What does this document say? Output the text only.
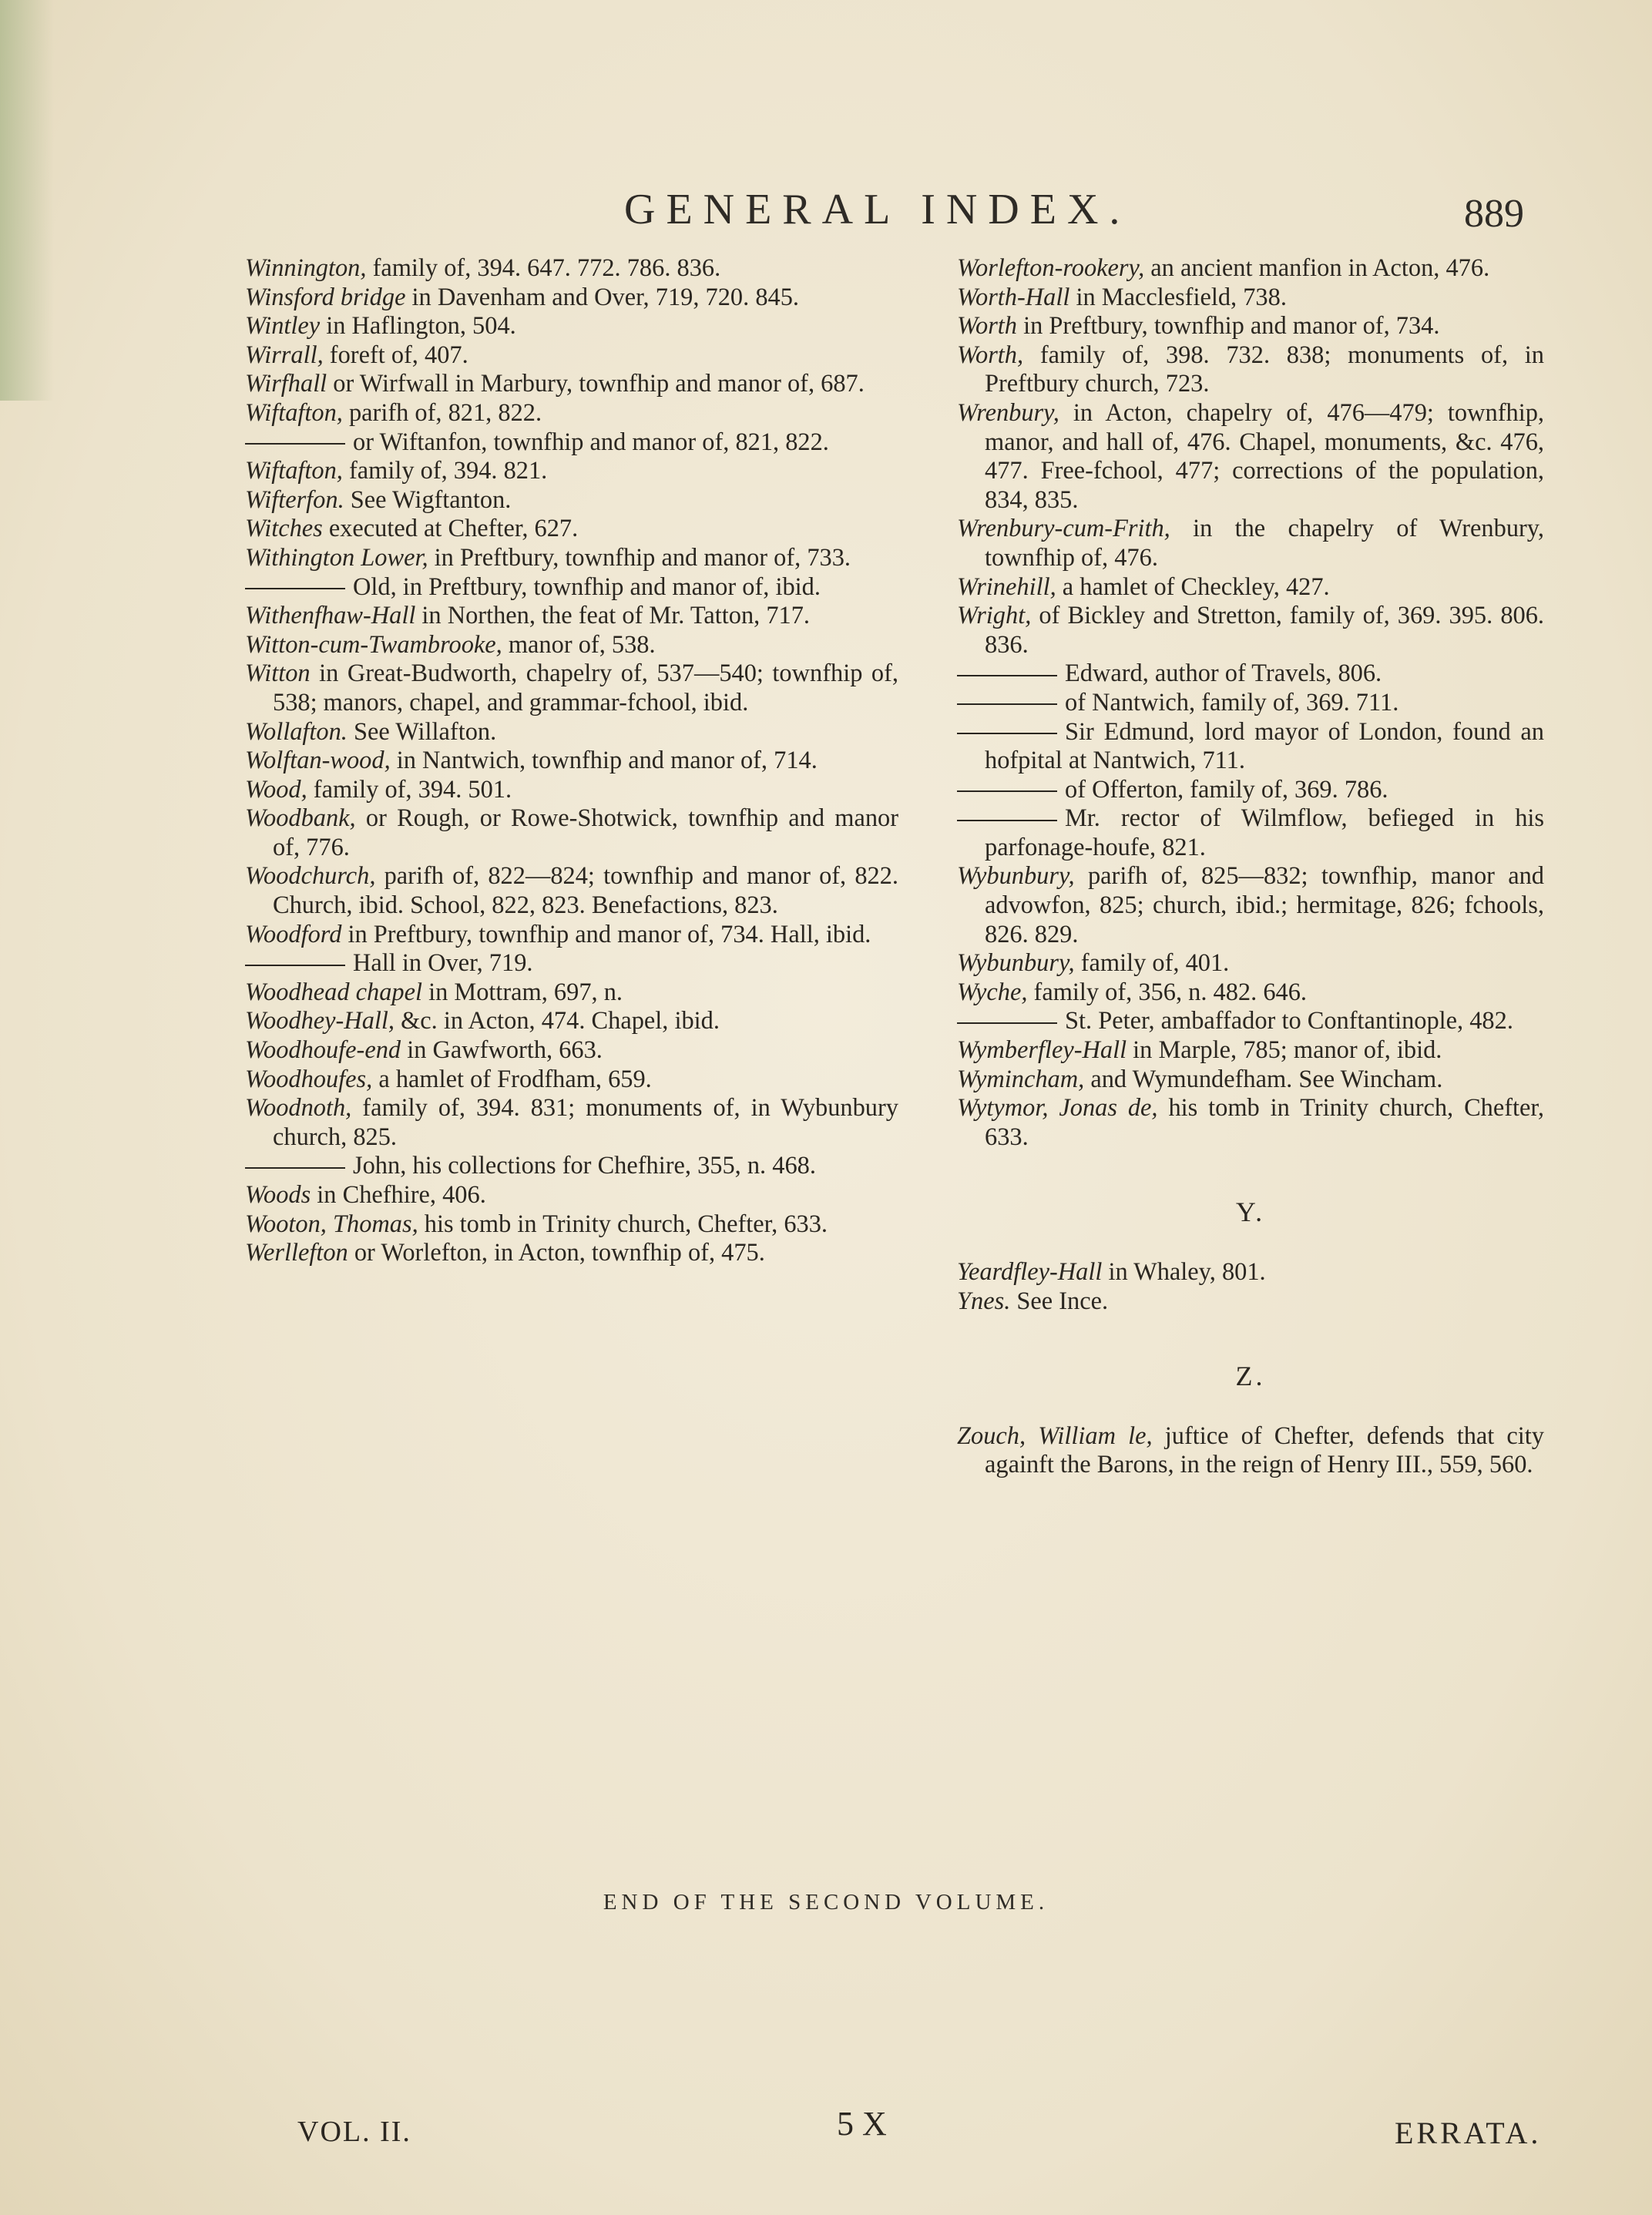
GENERAL INDEX.	889

Winnington, family of, 394. 647. 772. 786. 836.

Winsford bridge in Davenham and Over, 719, 720. 845.

Wintley in Haflington, 504.

Wirrall, foreft of, 407.

Wirfhall or Wirfwall in Marbury, townfhip and manor of, 687.

Wiftafton, parifh of, 821, 822.

or Wiftanfon, townfhip and manor of, 821, 822.

Wiftafton, family of, 394. 821.

Wifterfon. See Wigftanton.

Witches executed at Chefter, 627.

Withington Lower, in Preftbury, townfhip and manor of, 733.

Old, in Preftbury, townfhip and manor of, ibid.

Withenfhaw-Hall in Northen, the feat of Mr. Tatton, 717.

Witton-cum-Twambrooke, manor of, 538.

Witton in Great-Budworth, chapelry of, 537—540; townfhip of, 538; manors, chapel, and grammar-fchool, ibid.

Wollafton. See Willafton.

Wolftan-wood, in Nantwich, townfhip and manor of, 714.

Wood, family of, 394. 501.

Woodbank, or Rough, or Rowe-Shotwick, townfhip and manor of, 776.

Woodchurch, parifh of, 822—824; townfhip and manor of, 822. Church, ibid. School, 822, 823. Benefactions, 823.

Woodford in Preftbury, townfhip and manor of, 734. Hall, ibid.

Hall in Over, 719.

Woodhead chapel in Mottram, 697, n.

Woodhey-Hall, &c. in Acton, 474. Chapel, ibid.

Woodhoufe-end in Gawfworth, 663.

Woodhoufes, a hamlet of Frodfham, 659.

Woodnoth, family of, 394. 831; monuments of, in Wybunbury church, 825.

John, his collections for Chefhire, 355, n. 468.

Woods in Chefhire, 406.

Wooton, Thomas, his tomb in Trinity church, Chefter, 633.

Werllefton or Worlefton, in Acton, townfhip of, 475.

Worlefton-rookery, an ancient manfion in Acton, 476.

Worth-Hall in Macclesfield, 738.

Worth in Preftbury, townfhip and manor of, 734.

Worth, family of, 398. 732. 838; monuments of, in Preftbury church, 723.

Wrenbury, in Acton, chapelry of, 476—479; townfhip, manor, and hall of, 476. Chapel, monuments, &c. 476, 477. Free-fchool, 477; corrections of the population, 834, 835.

Wrenbury-cum-Frith, in the chapelry of Wrenbury, townfhip of, 476.

Wrinehill, a hamlet of Checkley, 427.

Wright, of Bickley and Stretton, family of, 369. 395. 806. 836.

Edward, author of Travels, 806.

of Nantwich, family of, 369. 711.

Sir Edmund, lord mayor of London, found an hofpital at Nantwich, 711.

of Offerton, family of, 369. 786.

Mr. rector of Wilmflow, befieged in his parfonage-houfe, 821.

Wybunbury, parifh of, 825—832; townfhip, manor and advowfon, 825; church, ibid.; hermitage, 826; fchools, 826. 829.

Wybunbury, family of, 401.

Wyche, family of, 356, n. 482. 646.

St. Peter, ambaffador to Conftantinople, 482.

Wymberfley-Hall in Marple, 785; manor of, ibid.

Wymincham, and Wymundefham. See Wincham.

Wytymor, Jonas de, his tomb in Trinity church, Chefter, 633.

Y.

Yeardfley-Hall in Whaley, 801.

Ynes. See Ince.

Z.

Zouch, William le, juftice of Chefter, defends that city againft the Barons, in the reign of Henry III., 559, 560.

END OF THE SECOND VOLUME.
VOL. II.	5 X	ERRATA.
